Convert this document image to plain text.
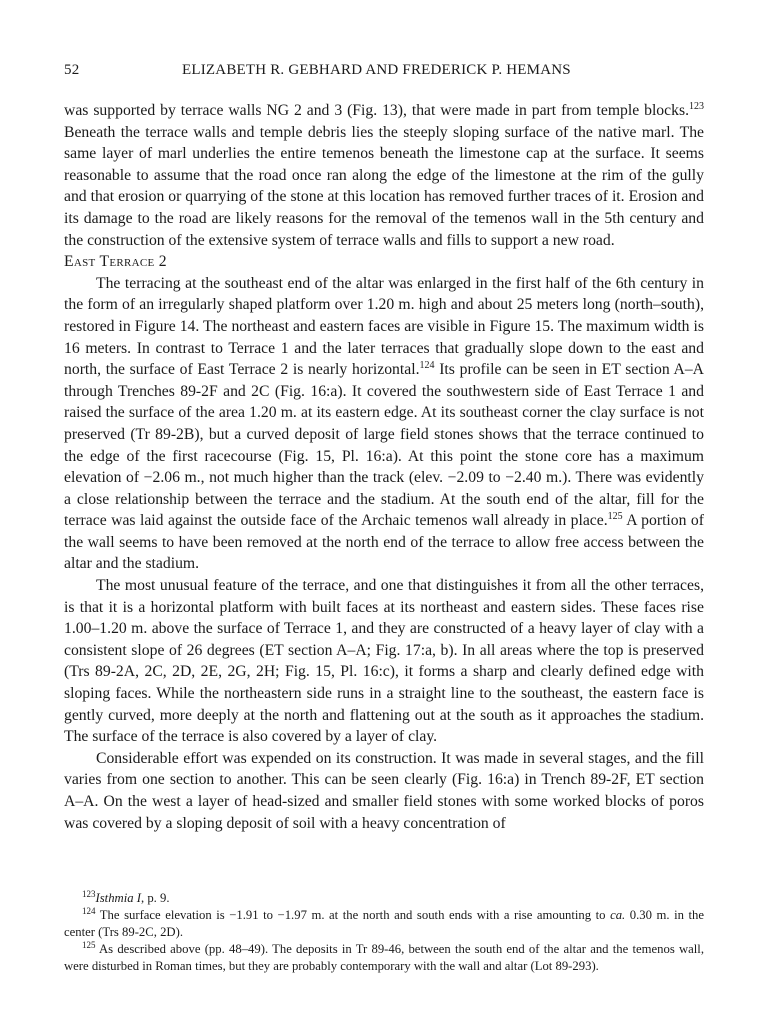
52	ELIZABETH R. GEBHARD AND FREDERICK P. HEMANS

was supported by terrace walls NG 2 and 3 (Fig. 13), that were made in part from temple blocks.$^{123}$ Beneath the terrace walls and temple debris lies the steeply sloping surface of the native marl. The same layer of marl underlies the entire temenos beneath the limestone cap at the surface. It seems reasonable to assume that the road once ran along the edge of the limestone at the rim of the gully and that erosion or quarrying of the stone at this location has removed further traces of it. Erosion and its damage to the road are likely reasons for the removal of the temenos wall in the 5th century and the construction of the extensive system of terrace walls and fills to support a new road.

East Terrace 2

The terracing at the southeast end of the altar was enlarged in the first half of the 6th century in the form of an irregularly shaped platform over 1.20 m. high and about 25 meters long (north–south), restored in Figure 14. The northeast and eastern faces are visible in Figure 15. The maximum width is 16 meters. In contrast to Terrace 1 and the later terraces that gradually slope down to the east and north, the surface of East Terrace 2 is nearly horizontal.$^{124}$ Its profile can be seen in ET section A–A through Trenches 89-2F and 2C (Fig. 16:a). It covered the southwestern side of East Terrace 1 and raised the surface of the area 1.20 m. at its eastern edge. At its southeast corner the clay surface is not preserved (Tr 89-2B), but a curved deposit of large field stones shows that the terrace continued to the edge of the first racecourse (Fig. 15, Pl. 16:a). At this point the stone core has a maximum elevation of −2.06 m., not much higher than the track (elev. −2.09 to −2.40 m.). There was evidently a close relationship between the terrace and the stadium. At the south end of the altar, fill for the terrace was laid against the outside face of the Archaic temenos wall already in place.$^{125}$ A portion of the wall seems to have been removed at the north end of the terrace to allow free access between the altar and the stadium.

The most unusual feature of the terrace, and one that distinguishes it from all the other terraces, is that it is a horizontal platform with built faces at its northeast and eastern sides. These faces rise 1.00–1.20 m. above the surface of Terrace 1, and they are constructed of a heavy layer of clay with a consistent slope of 26 degrees (ET section A–A; Fig. 17:a, b). In all areas where the top is preserved (Trs 89-2A, 2C, 2D, 2E, 2G, 2H; Fig. 15, Pl. 16:c), it forms a sharp and clearly defined edge with sloping faces. While the northeastern side runs in a straight line to the southeast, the eastern face is gently curved, more deeply at the north and flattening out at the south as it approaches the stadium. The surface of the terrace is also covered by a layer of clay.

Considerable effort was expended on its construction. It was made in several stages, and the fill varies from one section to another. This can be seen clearly (Fig. 16:a) in Trench 89-2F, ET section A–A. On the west a layer of head-sized and smaller field stones with some worked blocks of poros was covered by a sloping deposit of soil with a heavy concentration of

$^{123}$Isthmia I, p. 9.

$^{124}$ The surface elevation is −1.91 to −1.97 m. at the north and south ends with a rise amounting to ca. 0.30 m. in the center (Trs 89-2C, 2D).

$^{125}$ As described above (pp. 48–49). The deposits in Tr 89-46, between the south end of the altar and the temenos wall, were disturbed in Roman times, but they are probably contemporary with the wall and altar (Lot 89-293).
